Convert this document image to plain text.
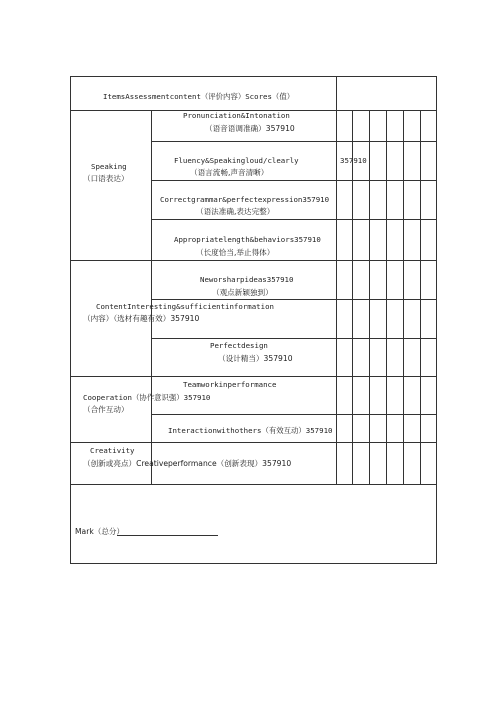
ItemsAssessmentcontent（评价内容）Scores（值）
Speaking
（口语表达）
ContentInteresting&sufficientinformation
（内容）（选材有趣有效）357910
Cooperation（协作意识强）357910
（合作互动）
Creativity
（创新或亮点）Creativeperformance（创新表现）357910
Pronunciation&Intonation
（语音语调准确）357910
Fluency&Speakingloud/clearly
（语言流畅,声音清晰）
357910
Correctgrammar&perfectexpression357910
（语法准确,表达完整）
Appropriatelength&behaviors357910
（长度恰当,举止得体）
Neworsharpideas357910
（观点新颖独到）
Perfectdesign
（设计精当）357910
Teamworkinperformance
Interactionwithothers（有效互动）357910
Mark（总分）
